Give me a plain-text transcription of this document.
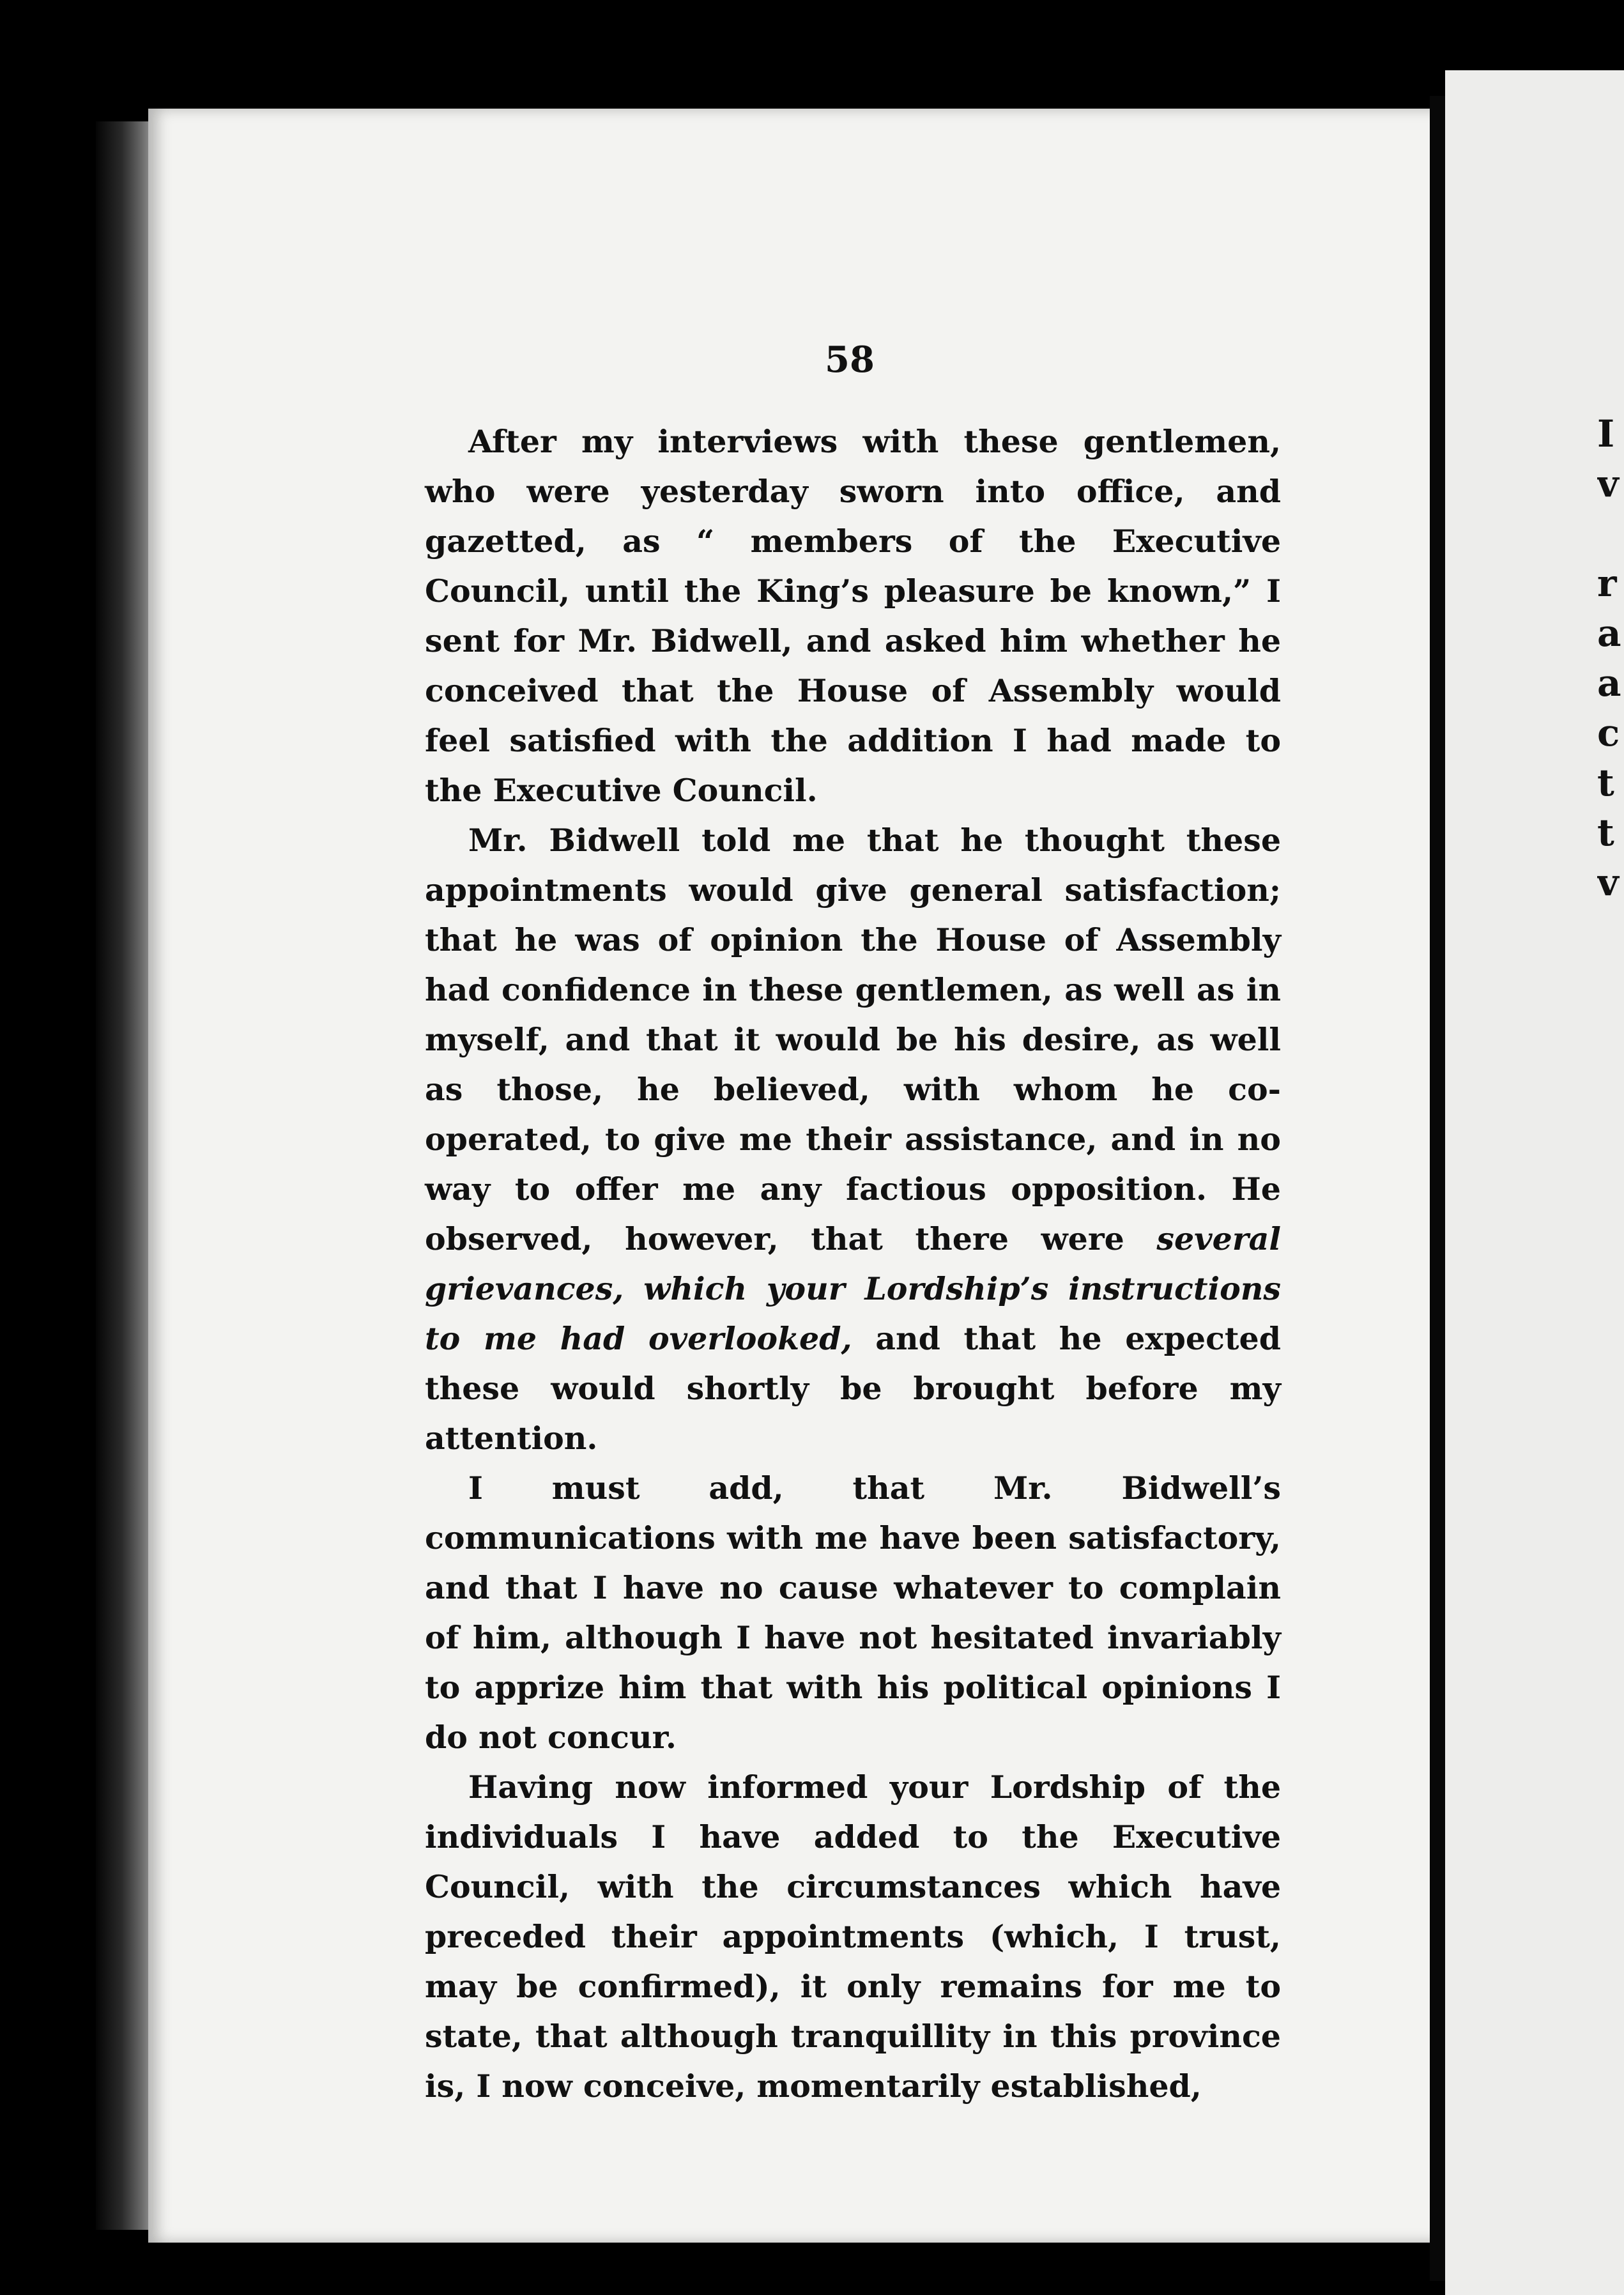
I
v
r
a
a
c
t
t
v
58

After my interviews with these gentlemen, who were yesterday sworn into office, and gazetted, as “ members of the Executive Council, until the King’s pleasure be known,” I sent for Mr. Bidwell, and asked him whether he conceived that the House of Assembly would feel satisfied with the addition I had made to the Executive Council.

Mr. Bidwell told me that he thought these appointments would give general satisfaction; that he was of opinion the House of Assembly had confidence in these gentlemen, as well as in myself, and that it would be his desire, as well as those, he believed, with whom he co-operated, to give me their assistance, and in no way to offer me any factious opposition. He observed, however, that there were several grievances, which your Lordship’s instructions to me had overlooked, and that he expected these would shortly be brought before my attention.

I must add, that Mr. Bidwell’s communications with me have been satisfactory, and that I have no cause whatever to complain of him, although I have not hesitated invariably to apprize him that with his political opinions I do not concur.

Having now informed your Lordship of the individuals I have added to the Executive Council, with the circumstances which have preceded their appointments (which, I trust, may be confirmed), it only remains for me to state, that although tranquillity in this province is, I now conceive, momentarily established,
